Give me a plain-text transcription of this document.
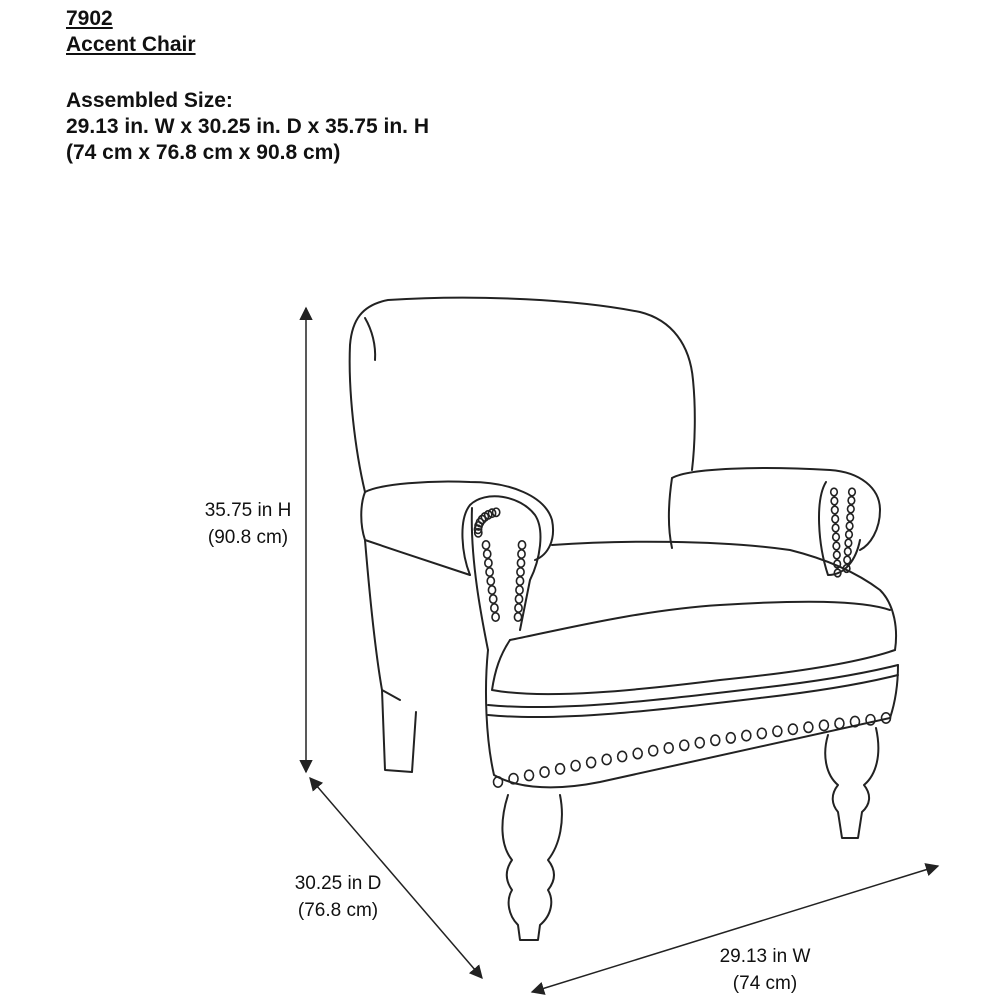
7902
Accent Chair
Assembled Size:
29.13 in. W x 30.25 in. D x 35.75 in. H
(74 cm x 76.8 cm x 90.8 cm)
35.75 in H
(90.8 cm)
30.25 in D
(76.8 cm)
29.13 in W
(74 cm)
